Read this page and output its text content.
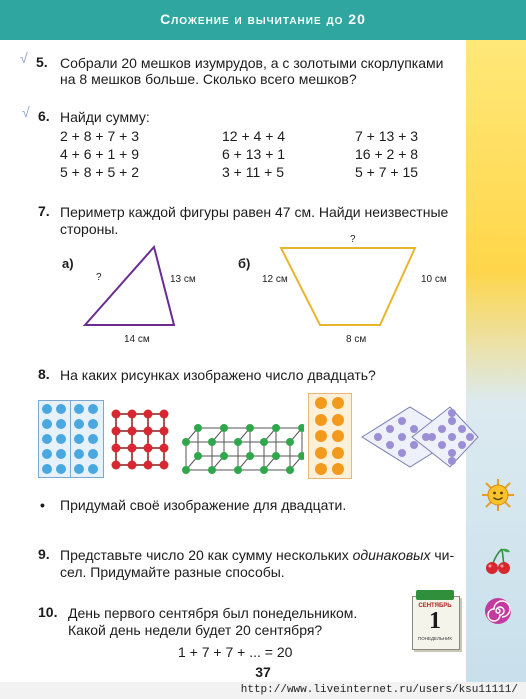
Сложение и вычитание до 20
√ 5. Собрали 20 мешков изумрудов, а с золотыми скорлупками
на 8 мешков больше. Сколько всего мешков?
√ 6. Найди сумму:
2 + 8 + 7 + 3
4 + 6 + 1 + 9
5 + 8 + 5 + 2
12 + 4 + 4
6 + 13 + 1
3 + 11 + 5
7 + 13 + 3
16 + 2 + 8
5 + 7 + 15
7. Периметр каждой фигуры равен 47 см. Найди неизвестные
стороны.
а)
?	13 см
14 см
б)
?
12 см	10 см
8 см
8. На каких рисунках изображено число двадцать?
• Придумай своё изображение для двадцати.
9. Представьте число 20 как сумму нескольких одинаковых чи-
сел. Придумайте разные способы.
10. День первого сентября был понедельником.
Какой день недели будет 20 сентября?
1 + 7 + 7 + ... = 20
СЕНТЯБРЬ
1
ПОНЕДЕЛЬНИК
37
http://www.liveinternet.ru/users/ksu11111/
